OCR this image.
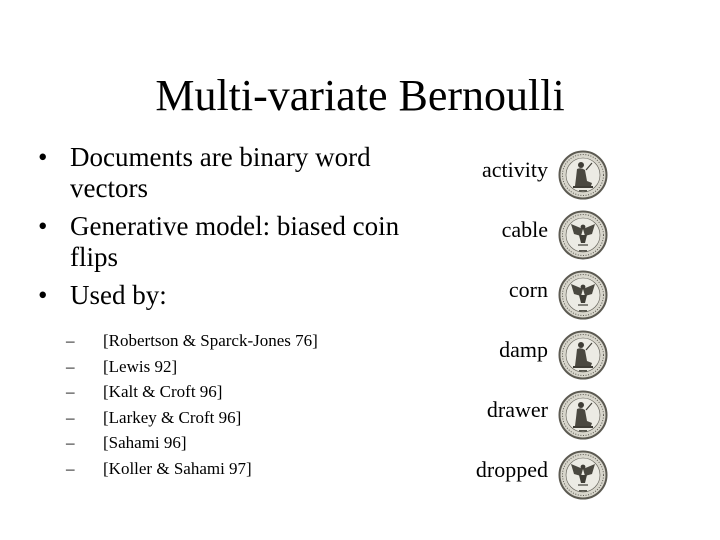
Multi-variate Bernoulli
• Documents are binary word vectors
• Generative model: biased coin flips
• Used by:
– [Robertson & Sparck-Jones 76]
– [Lewis 92]
– [Kalt & Croft 96]
– [Larkey & Croft 96]
– [Sahami 96]
– [Koller & Sahami 97]
activity
cable
corn
damp
drawer
dropped
